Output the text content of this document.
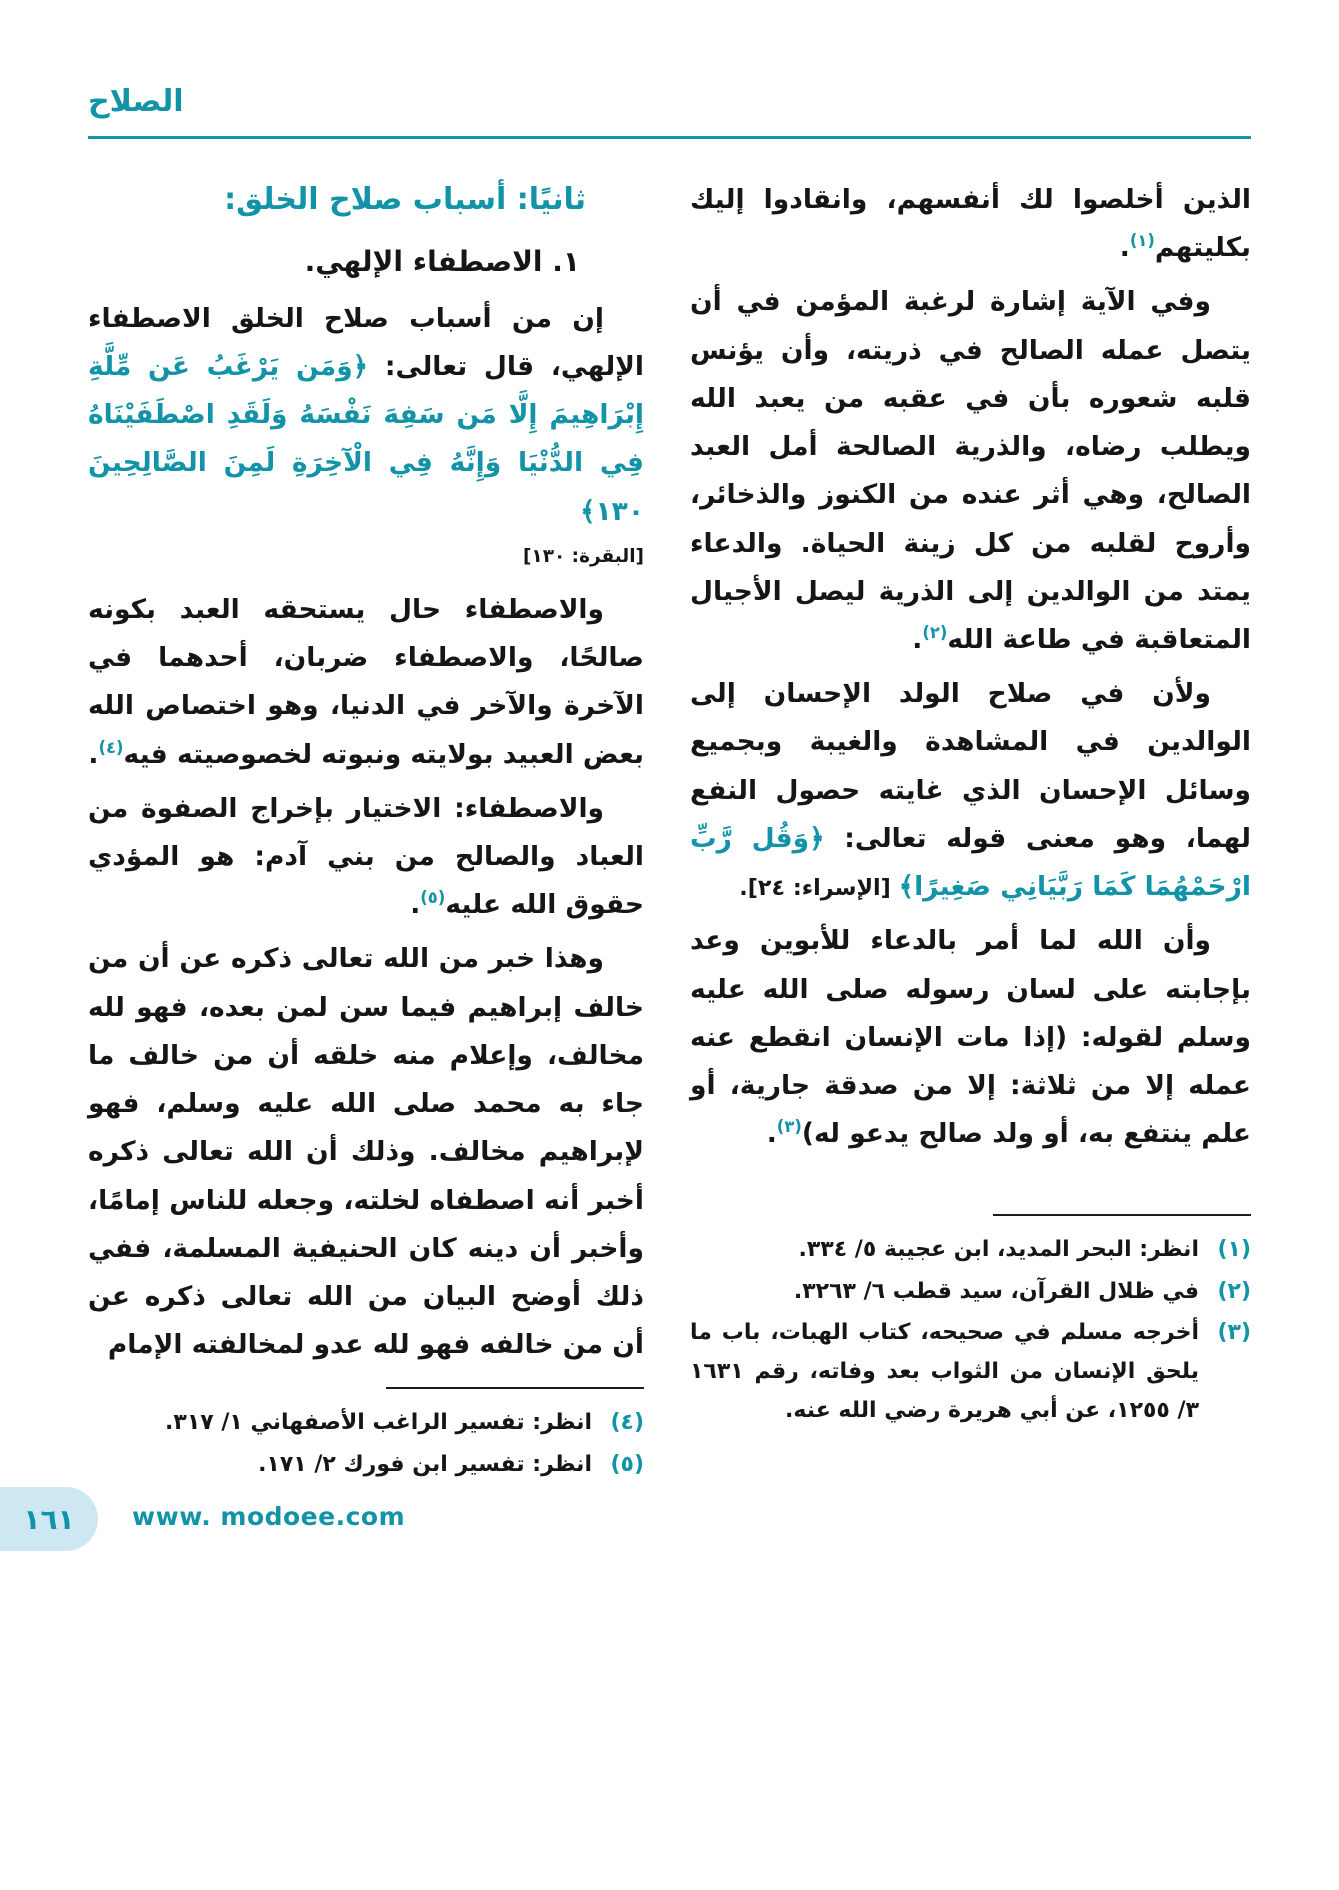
الصلاح

الذين أخلصوا لك أنفسهم، وانقادوا إليك بكليتهم$^{(١)}$.

وفي الآية إشارة لرغبة المؤمن في أن يتصل عمله الصالح في ذريته، وأن يؤنس قلبه شعوره بأن في عقبه من يعبد الله ويطلب رضاه، والذرية الصالحة أمل العبد الصالح، وهي أثر عنده من الكنوز والذخائر، وأروح لقلبه من كل زينة الحياة. والدعاء يمتد من الوالدين إلى الذرية ليصل الأجيال المتعاقبة في طاعة الله$^{(٢)}$.

ولأن في صلاح الولد الإحسان إلى الوالدين في المشاهدة والغيبة وبجميع وسائل الإحسان الذي غايته حصول النفع لهما، وهو معنى قوله تعالى: ﴿وَقُل رَّبِّ ارْحَمْهُمَا كَمَا رَبَّيَانِي صَغِيرًا﴾ [الإسراء: ٢٤].

وأن الله لما أمر بالدعاء للأبوين وعد بإجابته على لسان رسوله صلى الله عليه وسلم لقوله: (إذا مات الإنسان انقطع عنه عمله إلا من ثلاثة: إلا من صدقة جارية، أو علم ينتفع به، أو ولد صالح يدعو له)$^{(٣)}$.

(١)
انظر: البحر المديد، ابن عجيبة ٥/ ٣٣٤.
(٢)
في ظلال القرآن، سيد قطب ٦/ ٣٢٦٣.
(٣)
أخرجه مسلم في صحيحه، كتاب الهبات، باب ما يلحق الإنسان من الثواب بعد وفاته، رقم ١٦٣١ ٣/ ١٢٥٥، عن أبي هريرة رضي الله عنه.
ثانيًا: أسباب صلاح الخلق:
١. الاصطفاء الإلهي.

إن من أسباب صلاح الخلق الاصطفاء الإلهي، قال تعالى: ﴿وَمَن يَرْغَبُ عَن مِّلَّةِ إِبْرَاهِيمَ إِلَّا مَن سَفِهَ نَفْسَهُ وَلَقَدِ اصْطَفَيْنَاهُ فِي الدُّنْيَا وَإِنَّهُ فِي الْآخِرَةِ لَمِنَ الصَّالِحِينَ ١٣٠﴾

[البقرة: ١٣٠]

والاصطفاء حال يستحقه العبد بكونه صالحًا، والاصطفاء ضربان، أحدهما في الآخرة والآخر في الدنيا، وهو اختصاص الله بعض العبيد بولايته ونبوته لخصوصيته فيه$^{(٤)}$.

والاصطفاء: الاختيار بإخراج الصفوة من العباد والصالح من بني آدم: هو المؤدي حقوق الله عليه$^{(٥)}$.

وهذا خبر من الله تعالى ذكره عن أن من خالف إبراهيم فيما سن لمن بعده، فهو لله مخالف، وإعلام منه خلقه أن من خالف ما جاء به محمد صلى الله عليه وسلم، فهو لإبراهيم مخالف. وذلك أن الله تعالى ذكره أخبر أنه اصطفاه لخلته، وجعله للناس إمامًا، وأخبر أن دينه كان الحنيفية المسلمة، ففي ذلك أوضح البيان من الله تعالى ذكره عن أن من خالفه فهو لله عدو لمخالفته الإمام

(٤)
انظر: تفسير الراغب الأصفهاني ١/ ٣١٧.
(٥)
انظر: تفسير ابن فورك ٢/ ١٧١.
١٦١ www. modoee.com
